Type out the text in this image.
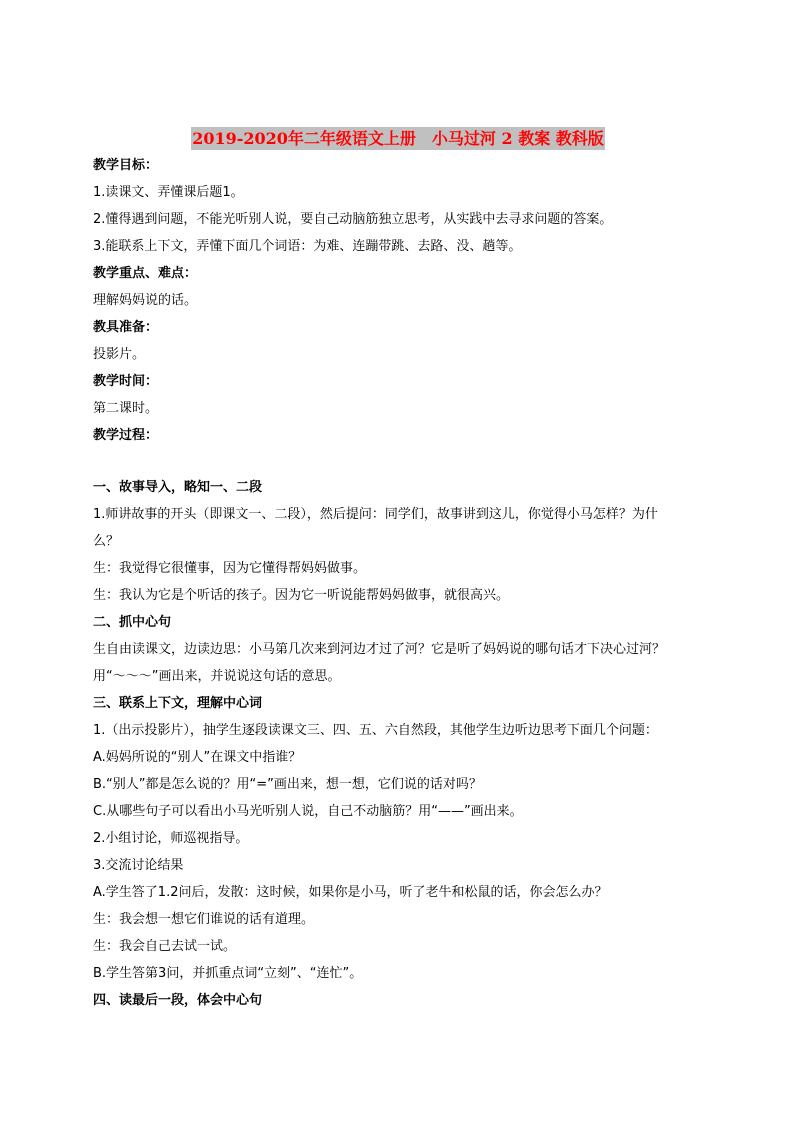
2019-2020年二年级语文上册　小马过河 2 教案 教科版
教学目标：
1.读课文、弄懂课后题1。
2.懂得遇到问题，不能光听别人说，要自己动脑筋独立思考，从实践中去寻求问题的答案。
3.能联系上下文，弄懂下面几个词语：为难、连蹦带跳、去路、没、趟等。
教学重点、难点：
理解妈妈说的话。
教具准备：
投影片。
教学时间：
第二课时。
教学过程：
一、故事导入，略知一、二段
1.师讲故事的开头（即课文一、二段），然后提问：同学们，故事讲到这儿，你觉得小马怎样？为什
么？
生：我觉得它很懂事，因为它懂得帮妈妈做事。
生：我认为它是个听话的孩子。因为它一听说能帮妈妈做事，就很高兴。
二、抓中心句
生自由读课文，边读边思：小马第几次来到河边才过了河？它是听了妈妈说的哪句话才下决心过河？
用“～～～”画出来，并说说这句话的意思。
三、联系上下文，理解中心词
1.（出示投影片），抽学生逐段读课文三、四、五、六自然段，其他学生边听边思考下面几个问题：
A.妈妈所说的“别人”在课文中指谁？
B.“别人”都是怎么说的？用“=”画出来，想一想，它们说的话对吗？
C.从哪些句子可以看出小马光听别人说，自己不动脑筋？用“——”画出来。
2.小组讨论，师巡视指导。
3.交流讨论结果
A.学生答了1.2问后，发散：这时候，如果你是小马，听了老牛和松鼠的话，你会怎么办？
生：我会想一想它们谁说的话有道理。
生：我会自己去试一试。
B.学生答第3问，并抓重点词“立刻”、“连忙”。
四、读最后一段，体会中心句
